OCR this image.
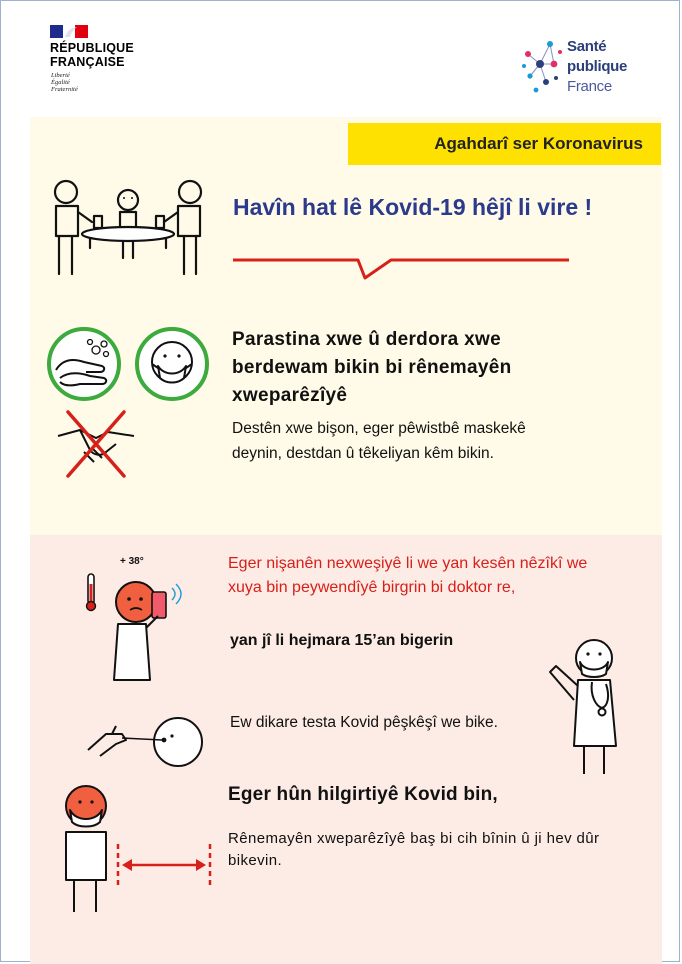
RÉPUBLIQUE
FRANÇAISE
Liberté
Égalité
Fraternité
Santé
publique
France
Agahdarî ser Koronavirus
Havîn hat lê Kovid-19 hêjî li vire !
Parastina xwe û derdora xwe berdewam bikin bi rênemayên xweparêzîyê
Destên xwe bişon, eger pêwistbê maskekê deynin, destdan û têkeliyan kêm bikin.
+ 38°	Eger nişanên nexweşiyê li we yan kesên nêzîkî we xuya bin peywendîyê birgrin bi doktor re,
yan jî li hejmara 15’an bigerin
Ew dikare testa Kovid pêşkêşî we bike.
Eger hûn hilgirtiyê Kovid bin,
Rênemayên xweparêzîyê baş bi cih bînin û ji hev dûr bikevin.
